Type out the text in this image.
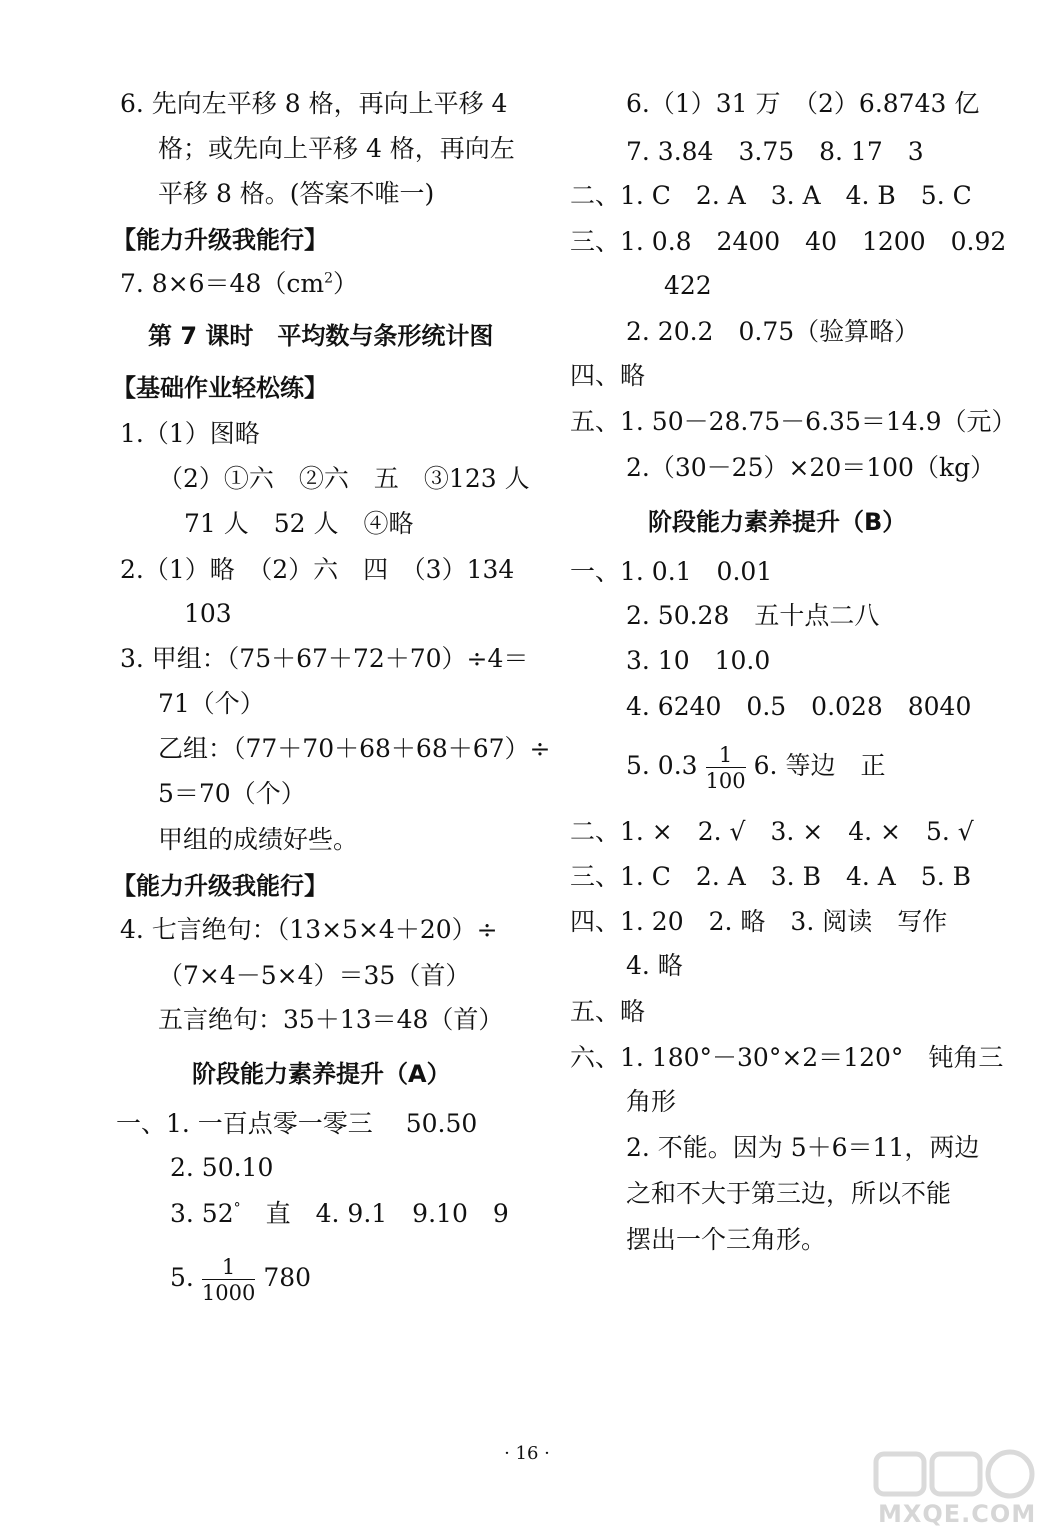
6. 先向左平移 8 格，再向上平移 4
格；或先向上平移 4 格，再向左
平移 8 格。(答案不唯一)
【能力升级我能行】
7. $8\times 6=48(cm^2)$
第 7 课时　平均数与条形统计图
【基础作业轻松练】
1.（1）图略
（2）①六　②六　五　③123 人
71 人　52 人　④略
2.（1）略　（2）六　四　（3）134
103
3. 甲组：（75＋67＋72＋70）÷4＝
71（个）
乙组：（77＋70＋68＋68＋67）÷
5＝70（个）
甲组的成绩好些。
【能力升级我能行】
4. 七言绝句：（13×5×4＋20）÷
（7×4－5×4）＝35（首）
五言绝句：35＋13＝48（首）
阶段能力素养提升（A）
一、1. 一百点零一零三　 50.50
2. 50.10
3. 52°　直　4. 9.1　9.10　9
5. $\frac{1}{1000} 780$
6.（1）31 万　（2）6.8743 亿
7. 3.84　3.75　8. 17　3
二、1. C　2. A　3. A　4. B　5. C
三、1. 0.8　2400　40　1200　0.92
422
2. 20.2　0.75（验算略）
四、略
五、1. 50－28.75－6.35＝14.9（元）
2.（30－25）×20＝100（kg）
阶段能力素养提升（B）
一、1. 0.1　0.01
2. 50.28　五十点二八
3. 10　10.0
4. 6240　0.5　0.028　8040
5. $0.3 \frac{1}{100} 6$. 等边　正
二、1. ×　2. √　3. ×　4. ×　5. √
三、1. C　2. A　3. B　4. A　5. B
四、1. 20　2. 略　3. 阅读　写作
4. 略
五、略
六、1. 180°－30°×2＝120°　钝角三
角形
2. 不能。因为 5＋6＝11，两边
之和不大于第三边，所以不能
摆出一个三角形。
· 16 ·
MXQE.COM
